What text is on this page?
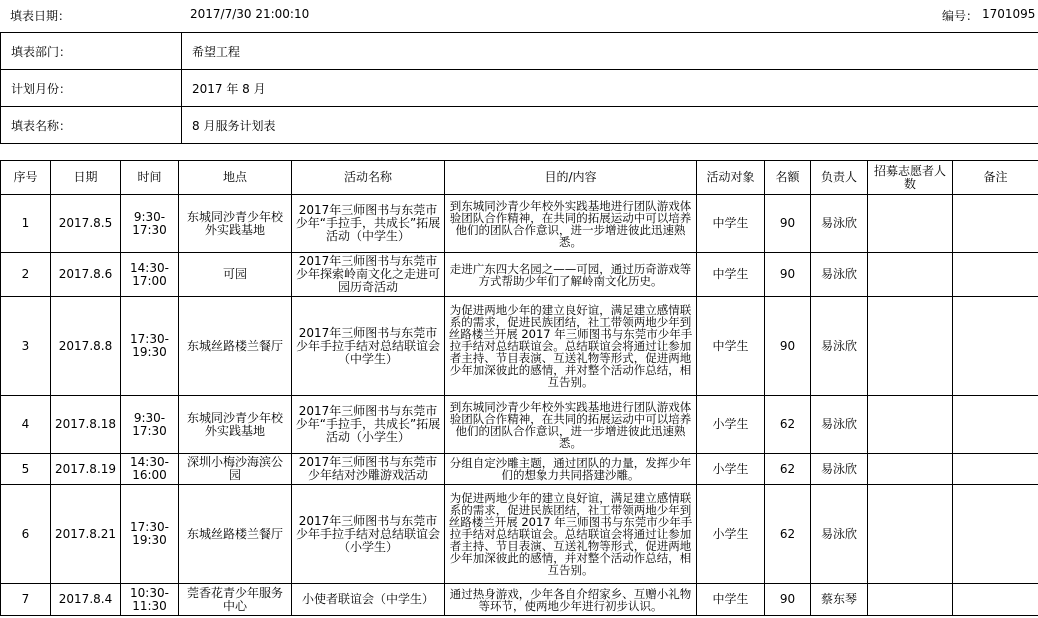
填表日期：	2017/7/30 21:00:10	编号： 1701095
填表部门：	希望工程
计划月份：	2017 年 8 月
填表名称：	8 月服务计划表
序号	日期	时间	地点	活动名称	目的/内容	活动对象	名额	负责人	招募志愿者人数	备注
1	2017.8.5	9:30-17:30	东城同沙青少年校外实践基地	2017年三师图书与东莞市少年“手拉手，共成长”拓展活动（中学生）	到东城同沙青少年校外实践基地进行团队游戏体验团队合作精神，在共同的拓展运动中可以培养他们的团队合作意识，进一步增进彼此迅速熟悉。	中学生	90	易泳欣		
2	2017.8.6	14:30-17:00	可园	2017年三师图书与东莞市少年探索岭南文化之走进可园历奇活动	走进广东四大名园之——可园，通过历奇游戏等方式帮助少年们了解岭南文化历史。	中学生	90	易泳欣		
3	2017.8.8	17:30-19:30	东城丝路楼兰餐厅	2017年三师图书与东莞市少年手拉手结对总结联谊会（中学生）	为促进两地少年的建立良好谊，满足建立感情联系的需求，促进民族团结，社工带领两地少年到丝路楼兰开展 2017 年三师图书与东莞市少年手拉手结对总结联谊会。总结联谊会将通过让参加者主持、节目表演、互送礼物等形式，促进两地少年加深彼此的感情，并对整个活动作总结，相互告别。	中学生	90	易泳欣		
4	2017.8.18	9:30-17:30	东城同沙青少年校外实践基地	2017年三师图书与东莞市少年“手拉手，共成长”拓展活动（小学生）	到东城同沙青少年校外实践基地进行团队游戏体验团队合作精神，在共同的拓展运动中可以培养他们的团队合作意识，进一步增进彼此迅速熟悉。	小学生	62	易泳欣		
5	2017.8.19	14:30-16:00	深圳小梅沙海滨公园	2017年三师图书与东莞市少年结对沙雕游戏活动	分组自定沙雕主题，通过团队的力量，发挥少年们的想象力共同搭建沙雕。	小学生	62	易泳欣		
6	2017.8.21	17:30-19:30	东城丝路楼兰餐厅	2017年三师图书与东莞市少年手拉手结对总结联谊会（小学生）	为促进两地少年的建立良好谊，满足建立感情联系的需求，促进民族团结，社工带领两地少年到丝路楼兰开展 2017 年三师图书与东莞市少年手拉手结对总结联谊会。总结联谊会将通过让参加者主持、节目表演、互送礼物等形式，促进两地少年加深彼此的感情，并对整个活动作总结，相互告别。	小学生	62	易泳欣		
7	2017.8.4	10:30-11:30	莞香花青少年服务中心	小使者联谊会（中学生）	通过热身游戏，少年各自介绍家乡、互赠小礼物等环节，使两地少年进行初步认识。	中学生	90	蔡东琴		
